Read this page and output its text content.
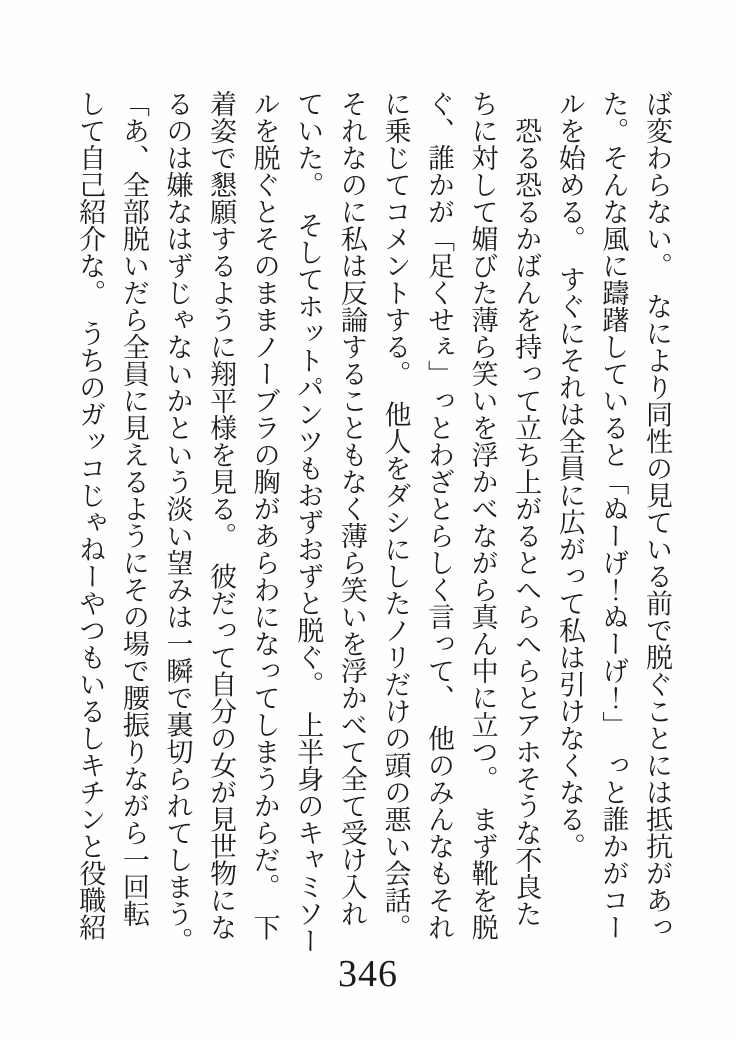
ば変わらない。　なにより同性の見ている前で脱ぐことには抵抗があっ
た。そんな風に躊躇していると「ぬーげ！ぬーげ！」　っと誰かがコー
ルを始める。　すぐにそれは全員に広がって私は引けなくなる。
　恐る恐るかばんを持って立ち上がるとへらへらとアホそうな不良た
ちに対して媚びた薄ら笑いを浮かべながら真ん中に立つ。　まず靴を脱
ぐ、誰かが「足くせぇ」っとわざとらしく言って、　他のみんなもそれ
に乗じてコメントする。　他人をダシにしたノリだけの頭の悪い会話。
それなのに私は反論することもなく薄ら笑いを浮かべて全て受け入れ
ていた。　そしてホットパンツもおずおずと脱ぐ。　上半身のキャミソー
ルを脱ぐとそのままノーブラの胸があらわになってしまうからだ。　下
着姿で懇願するように翔平様を見る。　彼だって自分の女が見世物にな
るのは嫌なはずじゃないかという淡い望みは一瞬で裏切られてしまう。
「あ、全部脱いだら全員に見えるようにその場で腰振りながら一回転
して自己紹介な。　うちのガッコじゃねーやつもいるしキチンと役職紹
346
